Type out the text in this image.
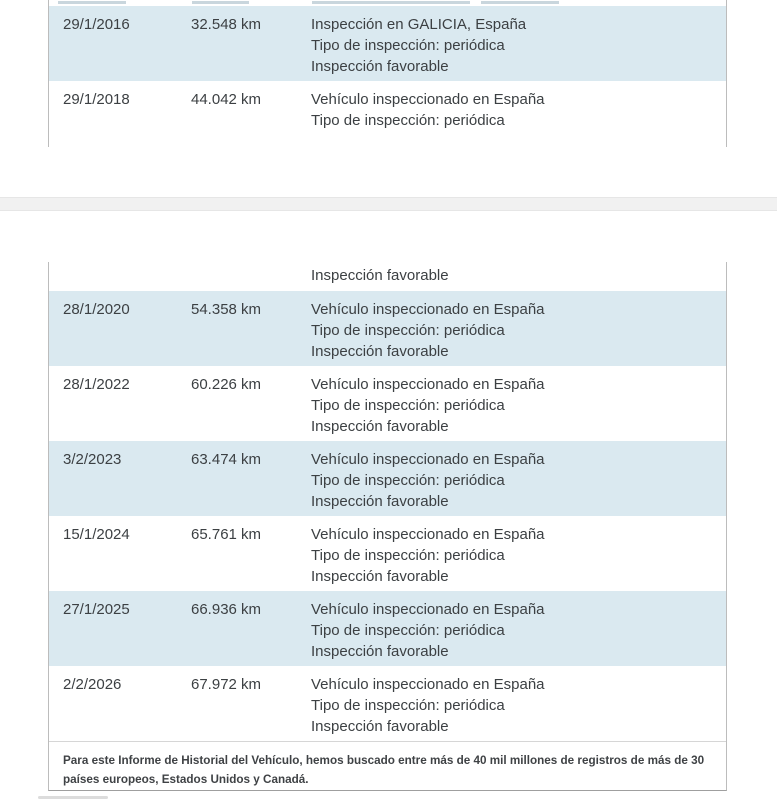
29/1/2016	32.548 km	Inspección en GALICIA, España
Tipo de inspección: periódica
Inspección favorable
29/1/2018	44.042 km	Vehículo inspeccionado en España
Tipo de inspección: periódica
Inspección favorable
28/1/2020	54.358 km	Vehículo inspeccionado en España
Tipo de inspección: periódica
Inspección favorable
28/1/2022	60.226 km	Vehículo inspeccionado en España
Tipo de inspección: periódica
Inspección favorable
3/2/2023	63.474 km	Vehículo inspeccionado en España
Tipo de inspección: periódica
Inspección favorable
15/1/2024	65.761 km	Vehículo inspeccionado en España
Tipo de inspección: periódica
Inspección favorable
27/1/2025	66.936 km	Vehículo inspeccionado en España
Tipo de inspección: periódica
Inspección favorable
2/2/2026	67.972 km	Vehículo inspeccionado en España
Tipo de inspección: periódica
Inspección favorable
Para este Informe de Historial del Vehículo, hemos buscado entre más de 40 mil millones de registros de más de 30 países europeos, Estados Unidos y Canadá.
